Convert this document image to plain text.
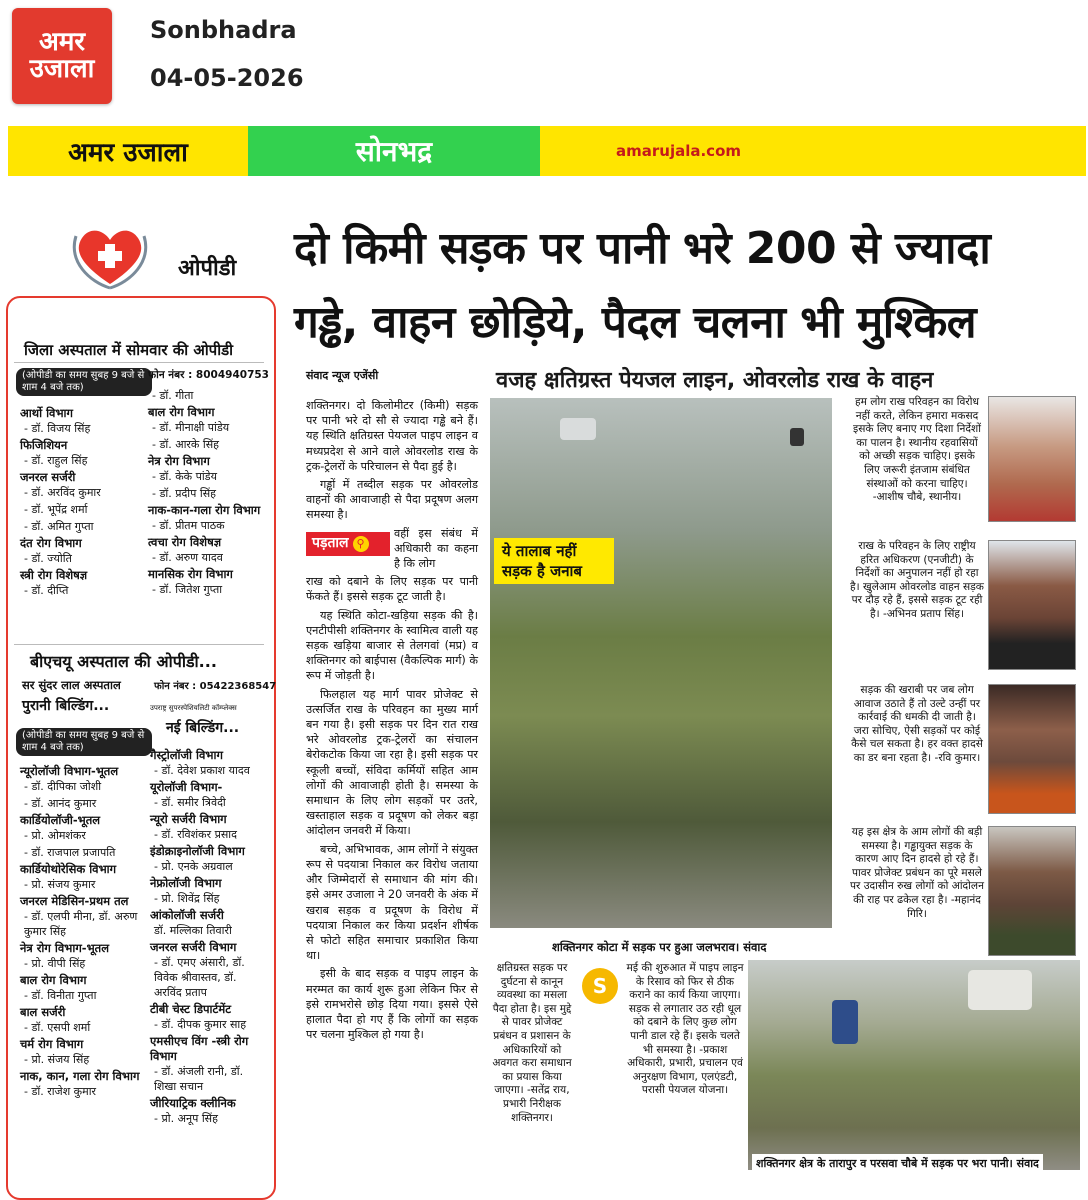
अमर
उजाला
Sonbhadra
04-05-2026
अमर उजाला	सोनभद्र	amarujala.com
ओपीडी
जिला अस्पताल में सोमवार की ओपीडी
(ओपीडी का समय सुबह 9 बजे से शाम 4 बजे तक)
फोन नंबर : 8004940753
आर्थो विभाग
- डॉ. विजय सिंह
फिजिशियन
- डॉ. राहुल सिंह
जनरल सर्जरी
- डॉ. अरविंद कुमार
- डॉ. भूपेंद्र शर्मा
- डॉ. अमित गुप्ता
दंत रोग विभाग
- डॉ. ज्योति
स्त्री रोग विशेषज्ञ
- डॉ. दीप्ति
- डॉ. गीता
बाल रोग विभाग
- डॉ. मीनाक्षी पांडेय
- डॉ. आरके सिंह
नेत्र रोग विभाग
- डॉ. केके पांडेय
- डॉ. प्रदीप सिंह
नाक-कान-गला रोग विभाग
- डॉ. प्रीतम पाठक
त्वचा रोग विशेषज्ञ
- डॉ. अरुण यादव
मानसिक रोग विभाग
- डॉ. जितेश गुप्ता
बीएचयू अस्पताल की ओपीडी...
सर सुंदर लाल अस्पताल
पुरानी बिल्डिंग...
(ओपीडी का समय सुबह 9 बजे से शाम 4 बजे तक)
फोन नंबर : 05422368547
उपराष्ट्र सुपरस्पेशियलिटी कॉम्प्लेक्स
नई बिल्डिंग...
न्यूरोलॉजी विभाग-भूतल
- डॉ. दीपिका जोशी
- डॉ. आनंद कुमार
कार्डियोलॉजी-भूतल
- प्रो. ओमशंकर
- डॉ. राजपाल प्रजापति
कार्डियोथोरेसिक विभाग
- प्रो. संजय कुमार
जनरल मेडिसिन-प्रथम तल
- डॉ. एलपी मीना, डॉ. अरुण कुमार सिंह
नेत्र रोग विभाग-भूतल
- प्रो. वीपी सिंह
बाल रोग विभाग
- डॉ. विनीता गुप्ता
बाल सर्जरी
- डॉ. एसपी शर्मा
चर्म रोग विभाग
- प्रो. संजय सिंह
नाक, कान, गला रोग विभाग
- डॉ. राजेश कुमार
गैस्ट्रोलॉजी विभाग
- डॉ. देवेश प्रकाश यादव
यूरोलॉजी विभाग-
- डॉ. समीर त्रिवेदी
न्यूरो सर्जरी विभाग
- डॉ. रविशंकर प्रसाद
इंडोक्राइनोलॉजी विभाग
- प्रो. एनके अग्रवाल
नेफ्रोलॉजी विभाग
- प्रो. शिवेंद्र सिंह
आंकोलॉजी सर्जरी
डॉ. मल्लिका तिवारी
जनरल सर्जरी विभाग
- डॉ. एमए अंसारी, डॉ. विवेक श्रीवास्तव, डॉ. अरविंद प्रताप
टीबी चेस्ट डिपार्टमेंट
- डॉ. दीपक कुमार साह
एमसीएच विंग -स्त्री रोग विभाग
- डॉ. अंजली रानी, डॉ. शिखा सचान
जीरियाट्रिक क्लीनिक
- प्रो. अनूप सिंह
दो किमी सड़क पर पानी भरे 200 से ज्यादा
गड्ढे, वाहन छोड़िये, पैदल चलना भी मुश्किल
संवाद न्यूज एजेंसी	वजह क्षतिग्रस्त पेयजल लाइन, ओवरलोड राख के वाहन

शक्तिनगर। दो किलोमीटर (किमी) सड़क पर पानी भरे दो सौ से ज्यादा गड्ढे बने हैं। यह स्थिति क्षतिग्रस्त पेयजल पाइप लाइन व मध्यप्रदेश से आने वाले ओवरलोड राख के ट्रक-ट्रेलरों के परिचालन से पैदा हुई है।

गड्ढों में तब्दील सड़क पर ओवरलोड वाहनों की आवाजाही से पैदा प्रदूषण अलग समस्या है।

पड़ताल ⚲
वहीं इस संबंध में अधिकारी का कहना है कि लोग

राख को दबाने के लिए सड़क पर पानी फेंकते हैं। इससे सड़क टूट जाती है।

यह स्थिति कोटा-खड़िया सड़क की है। एनटीपीसी शक्तिनगर के स्वामित्व वाली यह सड़क खड़िया बाजार से तेलगवां (मप्र) व शक्तिनगर को बाईपास (वैकल्पिक मार्ग) के रूप में जोड़ती है।

फिलहाल यह मार्ग पावर प्रोजेक्ट से उत्सर्जित राख के परिवहन का मुख्य मार्ग बन गया है। इसी सड़क पर दिन रात राख भरे ओवरलोड ट्रक-ट्रेलरों का संचालन बेरोकटोक किया जा रहा है। इसी सड़क पर स्कूली बच्चों, संविदा कर्मियों सहित आम लोगों की आवाजाही होती है। समस्या के समाधान के लिए लोग सड़कों पर उतरे, खस्ताहाल सड़क व प्रदूषण को लेकर बड़ा आंदोलन जनवरी में किया।

बच्चे, अभिभावक, आम लोगों ने संयुक्त रूप से पदयात्रा निकाल कर विरोध जताया और जिम्मेदारों से समाधान की मांग की। इसे अमर उजाला ने 20 जनवरी के अंक में खराब सड़क व प्रदूषण के विरोध में पदयात्रा निकाल कर किया प्रदर्शन शीर्षक से फोटो सहित समाचार प्रकाशित किया था।

इसी के बाद सड़क व पाइप लाइन के मरम्मत का कार्य शुरू हुआ लेकिन फिर से इसे रामभरोसे छोड़ दिया गया। इससे ऐसे हालात पैदा हो गए हैं कि लोगों का सड़क पर चलना मुश्किल हो गया है।

ये तालाब नहीं
सड़क है जनाब
शक्तिनगर कोटा में सड़क पर हुआ जलभराव। संवाद
हम लोग राख परिवहन का विरोध नहीं करते, लेकिन हमारा मकसद इसके लिए बनाए गए दिशा निर्देशों का पालन है। स्थानीय रहवासियों को अच्छी सड़क चाहिए। इसके लिए जरूरी इंतजाम संबंधित संस्थाओं को करना चाहिए। -आशीष चौबे, स्थानीय।
राख के परिवहन के लिए राष्ट्रीय हरित अधिकरण (एनजीटी) के निर्देशों का अनुपालन नहीं हो रहा है। खुलेआम ओवरलोड वाहन सड़क पर दौड़ रहे हैं, इससे सड़क टूट रही है। -अभिनव प्रताप सिंह।
सड़क की खराबी पर जब लोग आवाज उठाते हैं तो उल्टे उन्हीं पर कार्रवाई की धमकी दी जाती है। जरा सोचिए, ऐसी सड़कों पर कोई कैसे चल सकता है। हर वक्त हादसे का डर बना रहता है। -रवि कुमार।
यह इस क्षेत्र के आम लोगों की बड़ी समस्या है। गड्ढायुक्त सड़क के कारण आए दिन हादसे हो रहे हैं। पावर प्रोजेक्ट प्रबंधन का पूरे मसले पर उदासीन रुख लोगों को आंदोलन की राह पर ढकेल रहा है। -महानंद गिरि।
क्षतिग्रस्त सड़क पर दुर्घटना से कानून व्यवस्था का मसला पैदा होता है। इस मुद्दे से पावर प्रोजेक्ट प्रबंधन व प्रशासन के अधिकारियों को अवगत करा समाधान का प्रयास किया जाएगा। -सतेंद्र राय, प्रभारी निरीक्षक शक्तिनगर।
S
मई की शुरुआत में पाइप लाइन के रिसाव को फिर से ठीक कराने का कार्य किया जाएगा। सड़क से लगातार उठ रही धूल को दबाने के लिए कुछ लोग पानी डाल रहे हैं। इसके चलते भी समस्या है। -प्रकाश अधिकारी, प्रभारी, प्रचालन एवं अनुरक्षण विभाग, एलएंडटी, परासी पेयजल योजना।
शक्तिनगर क्षेत्र के तारापुर व परसवा चौबे में सड़क पर भरा पानी। संवाद
